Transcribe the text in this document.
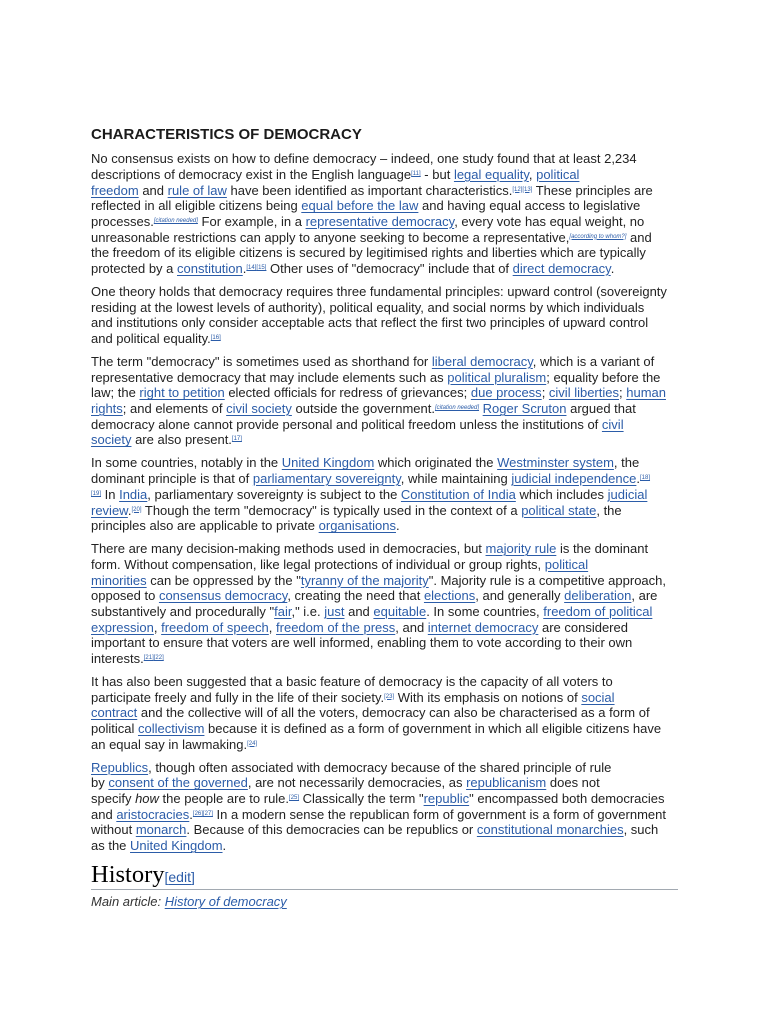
CHARACTERISTICS OF DEMOCRACY
No consensus exists on how to define democracy – indeed, one study found that at least 2,234
descriptions of democracy exist in the English language[11] - but legal equality, political
freedom and rule of law have been identified as important characteristics.[12][13] These principles are
reflected in all eligible citizens being equal before the law and having equal access to legislative
processes.[citation needed] For example, in a representative democracy, every vote has equal weight, no
unreasonable restrictions can apply to anyone seeking to become a representative,[according to whom?] and
the freedom of its eligible citizens is secured by legitimised rights and liberties which are typically
protected by a constitution.[14][15] Other uses of "democracy" include that of direct democracy.
One theory holds that democracy requires three fundamental principles: upward control (sovereignty
residing at the lowest levels of authority), political equality, and social norms by which individuals
and institutions only consider acceptable acts that reflect the first two principles of upward control
and political equality.[16]
The term "democracy" is sometimes used as shorthand for liberal democracy, which is a variant of
representative democracy that may include elements such as political pluralism; equality before the
law; the right to petition elected officials for redress of grievances; due process; civil liberties; human
rights; and elements of civil society outside the government.[citation needed] Roger Scruton argued that
democracy alone cannot provide personal and political freedom unless the institutions of civil
society are also present.[17]
In some countries, notably in the United Kingdom which originated the Westminster system, the
dominant principle is that of parliamentary sovereignty, while maintaining judicial independence.[18]
[19] In India, parliamentary sovereignty is subject to the Constitution of India which includes judicial
review.[20] Though the term "democracy" is typically used in the context of a political state, the
principles also are applicable to private organisations.
There are many decision-making methods used in democracies, but majority rule is the dominant
form. Without compensation, like legal protections of individual or group rights, political
minorities can be oppressed by the "tyranny of the majority". Majority rule is a competitive approach,
opposed to consensus democracy, creating the need that elections, and generally deliberation, are
substantively and procedurally "fair," i.e. just and equitable. In some countries, freedom of political
expression, freedom of speech, freedom of the press, and internet democracy are considered
important to ensure that voters are well informed, enabling them to vote according to their own
interests.[21][22]
It has also been suggested that a basic feature of democracy is the capacity of all voters to
participate freely and fully in the life of their society.[23] With its emphasis on notions of social
contract and the collective will of all the voters, democracy can also be characterised as a form of
political collectivism because it is defined as a form of government in which all eligible citizens have
an equal say in lawmaking.[24]
Republics, though often associated with democracy because of the shared principle of rule
by consent of the governed, are not necessarily democracies, as republicanism does not
specify how the people are to rule.[25] Classically the term "republic" encompassed both democracies
and aristocracies.[26][27] In a modern sense the republican form of government is a form of government
without monarch. Because of this democracies can be republics or constitutional monarchies, such
as the United Kingdom.
History[edit]
Main article: History of democracy
